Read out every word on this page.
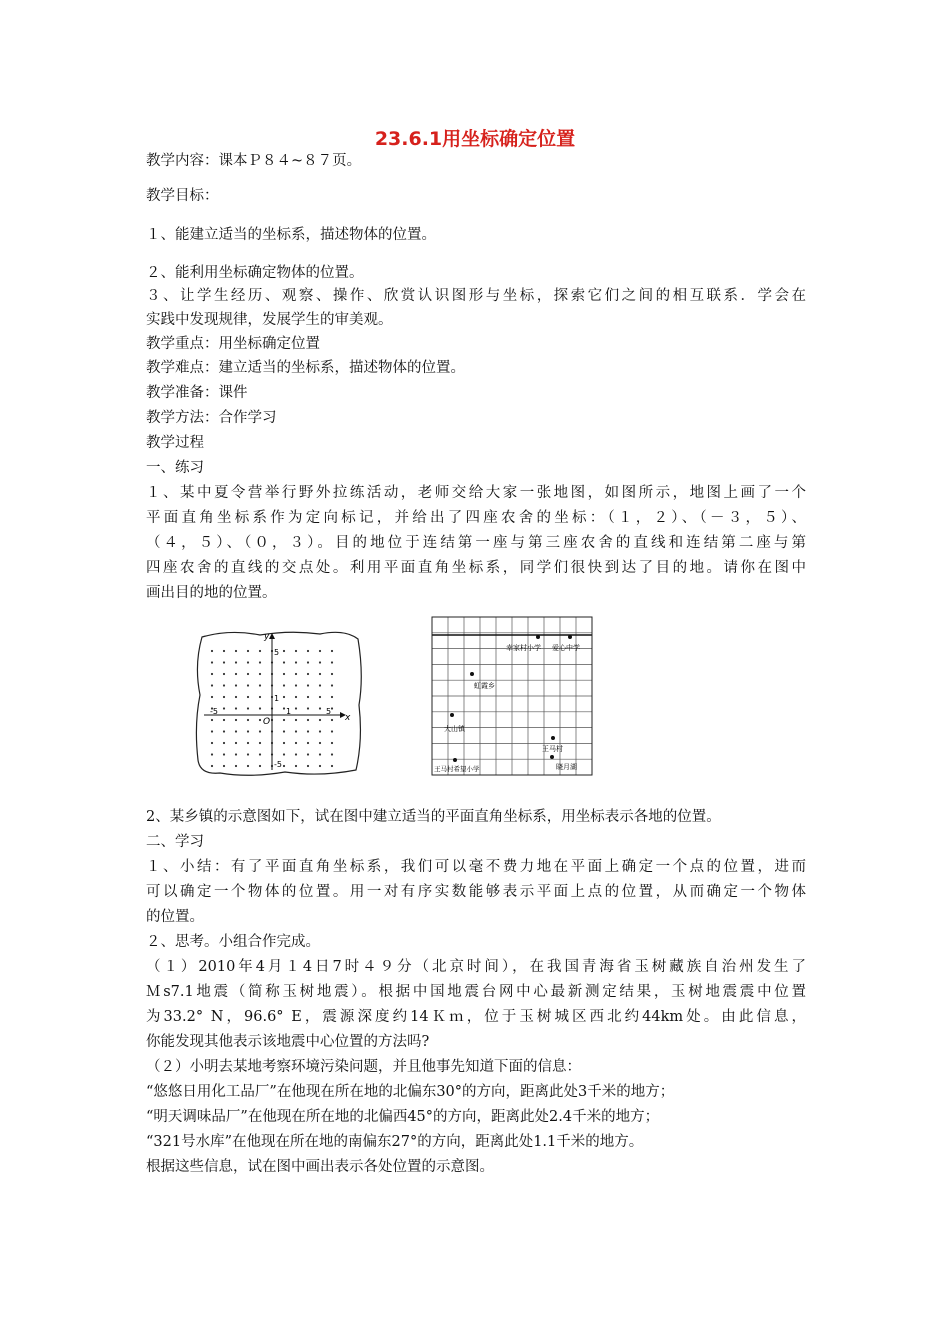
23.6.1用坐标确定位置
教学内容：课本Ｐ８４~８７页。
教学目标：
１、能建立适当的坐标系，描述物体的位置。
２、能利用坐标确定物体的位置。
３、让学生经历、观察、操作、欣赏认识图形与坐标，探索它们之间的相互联系．学会在
实践中发现规律，发展学生的审美观。
教学重点：用坐标确定位置
教学难点：建立适当的坐标系，描述物体的位置。
教学准备：课件
教学方法：合作学习
教学过程
一、练习
１、某中夏令营举行野外拉练活动，老师交给大家一张地图，如图所示，地图上画了一个
平面直角坐标系作为定向标记，并给出了四座农舍的坐标：（１，２）、（－３，５）、
（４，５）、（０，３）。目的地位于连结第一座与第三座农舍的直线和连结第二座与第
四座农舍的直线的交点处。利用平面直角坐标系，同学们很快到达了目的地。请你在图中
画出目的地的位置。
x
y
O
5
1
-5	1	5
-5
幸家村小学 爱心中学
虹霞乡
大山镇
王马村
晓月湖
王马村希望小学
2、某乡镇的示意图如下，试在图中建立适当的平面直角坐标系，用坐标表示各地的位置。
二、学习
１、小结：有了平面直角坐标系，我们可以毫不费力地在平面上确定一个点的位置，进而
可以确定一个物体的位置。用一对有序实数能够表示平面上点的位置，从而确定一个物体
的位置。
２、思考。小组合作完成。
（１）2010年4月１4日7时４９分（北京时间），在我国青海省玉树藏族自治州发生了
Ｍs7.1地震（简称玉树地震）。根据中国地震台网中心最新测定结果，玉树地震震中位置
为33.2° N，96.6° E，震源深度约14Ｋｍ，位于玉树城区西北约44km处。由此信息，
你能发现其他表示该地震中心位置的方法吗?
（２）小明去某地考察环境污染问题，并且他事先知道下面的信息：
“悠悠日用化工品厂”在他现在所在地的北偏东30°的方向，距离此处3千米的地方；
“明天调味品厂”在他现在所在地的北偏西45°的方向，距离此处2.4千米的地方；
“321号水库”在他现在所在地的南偏东27°的方向，距离此处1.1千米的地方。
根据这些信息，试在图中画出表示各处位置的示意图。
